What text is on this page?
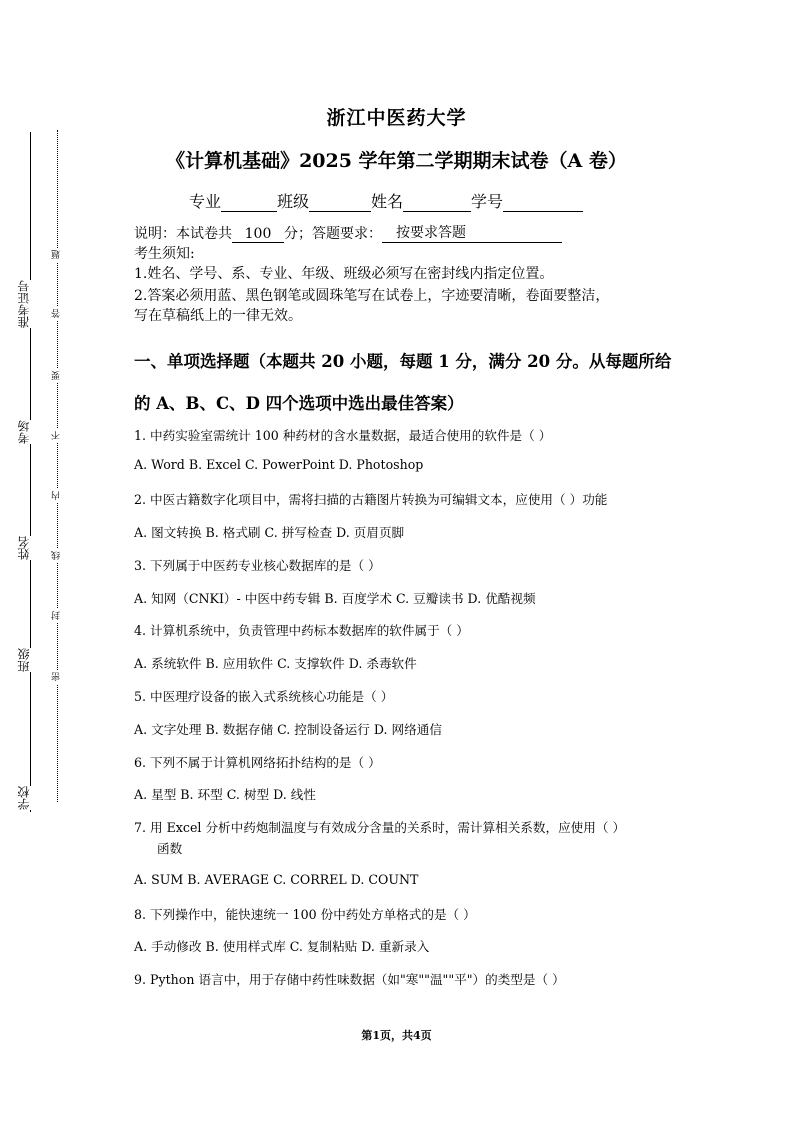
准考证号
考场
姓名
班级
学校
题
答
要
不
内
线
封
密
浙江中医药大学
《计算机基础》2025 学年第二学期期末试卷（A 卷）
专业	班级	姓名	学号
说明：本试卷共 100 分；答题要求：	按要求答题
考生须知:
1.姓名、学号、系、专业、年级、班级必须写在密封线内指定位置。
2.答案必须用蓝、黑色钢笔或圆珠笔写在试卷上，字迹要清晰，卷面要整洁，
写在草稿纸上的一律无效。
一、单项选择题（本题共 20 小题，每题 1 分，满分 20 分。从每题所给
的 A、B、C、D 四个选项中选出最佳答案）
1. 中药实验室需统计 100 种药材的含水量数据，最适合使用的软件是（ ）
A. Word B. Excel C. PowerPoint D. Photoshop
2. 中医古籍数字化项目中，需将扫描的古籍图片转换为可编辑文本，应使用（ ）功能
A. 图文转换 B. 格式刷 C. 拼写检查 D. 页眉页脚
3. 下列属于中医药专业核心数据库的是（ ）
A. 知网（CNKI）- 中医中药专辑 B. 百度学术 C. 豆瓣读书 D. 优酷视频
4. 计算机系统中，负责管理中药标本数据库的软件属于（ ）
A. 系统软件 B. 应用软件 C. 支撑软件 D. 杀毒软件
5. 中医理疗设备的嵌入式系统核心功能是（ ）
A. 文字处理 B. 数据存储 C. 控制设备运行 D. 网络通信
6. 下列不属于计算机网络拓扑结构的是（ ）
A. 星型 B. 环型 C. 树型 D. 线性
7. 用 Excel 分析中药炮制温度与有效成分含量的关系时，需计算相关系数，应使用（ ）
函数
A. SUM B. AVERAGE C. CORREL D. COUNT
8. 下列操作中，能快速统一 100 份中药处方单格式的是（ ）
A. 手动修改 B. 使用样式库 C. 复制粘贴 D. 重新录入
9. Python 语言中，用于存储中药性味数据（如"寒""温""平"）的类型是（ ）
第1页，共4页
